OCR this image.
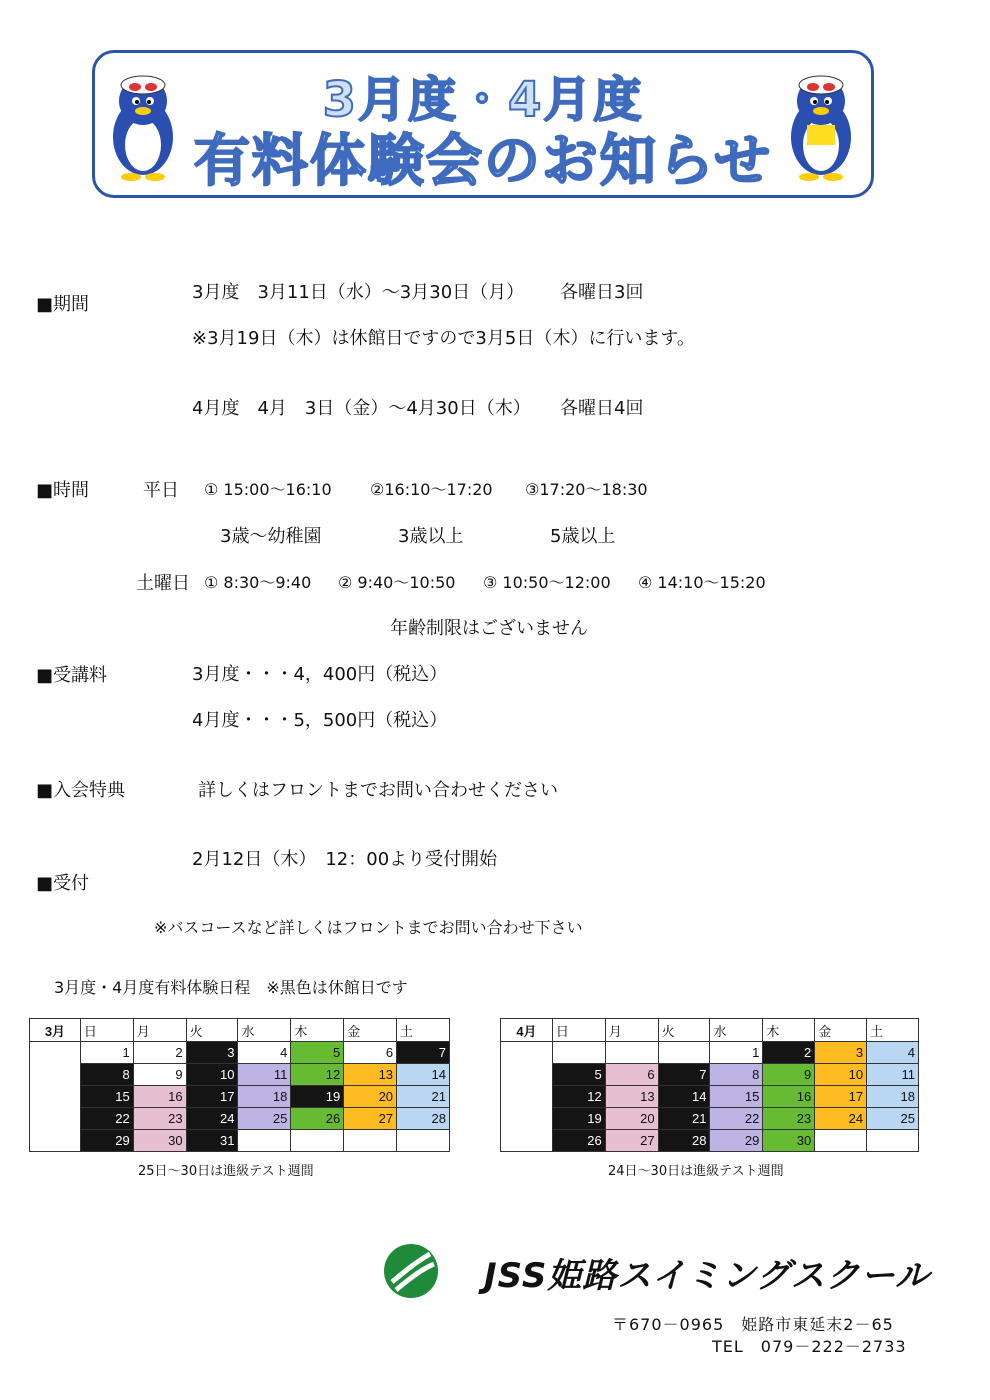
3月度・4月度
有料体験会のお知らせ
■期間
3月度　3月11日（水）～3月30日（月） 各曜日3回
※3月19日（木）は休館日ですので3月5日（木）に行います。
4月度　4月　3日（金）～4月30日（木） 各曜日4回
■時間	平日 ① 15:00～16:10 ②16:10～17:20 ③17:20～18:30
3歳～幼稚園	3歳以上	5歳以上
土曜日 ① 8:30～9:40 ② 9:40～10:50 ③ 10:50～12:00 ④ 14:10～15:20
年齢制限はございません
■受講料	3月度・・・4，400円（税込）
4月度・・・5，500円（税込）
■入会特典	詳しくはフロントまでお問い合わせください
2月12日（木）　12：00より受付開始
■受付
※バスコースなど詳しくはフロントまでお問い合わせ下さい
3月度・4月度有料体験日程　※黒色は休館日です
3月	日	月	火	水	木	金	土
	1	2	3	4	5	6	7
	8	9	10	11	12	13	14
	15	16	17	18	19	20	21
	22	23	24	25	26	27	28
	29	30	31				
25日～30日は進級テスト週間
4月	日	月	火	水	木	金	土
				1	2	3	4
	5	6	7	8	9	10	11
	12	13	14	15	16	17	18
	19	20	21	22	23	24	25
	26	27	28	29	30		
24日～30日は進級テスト週間
JSS姫路スイミングスクール
〒670－0965　姫路市東延末2－65
TEL　079－222－2733
